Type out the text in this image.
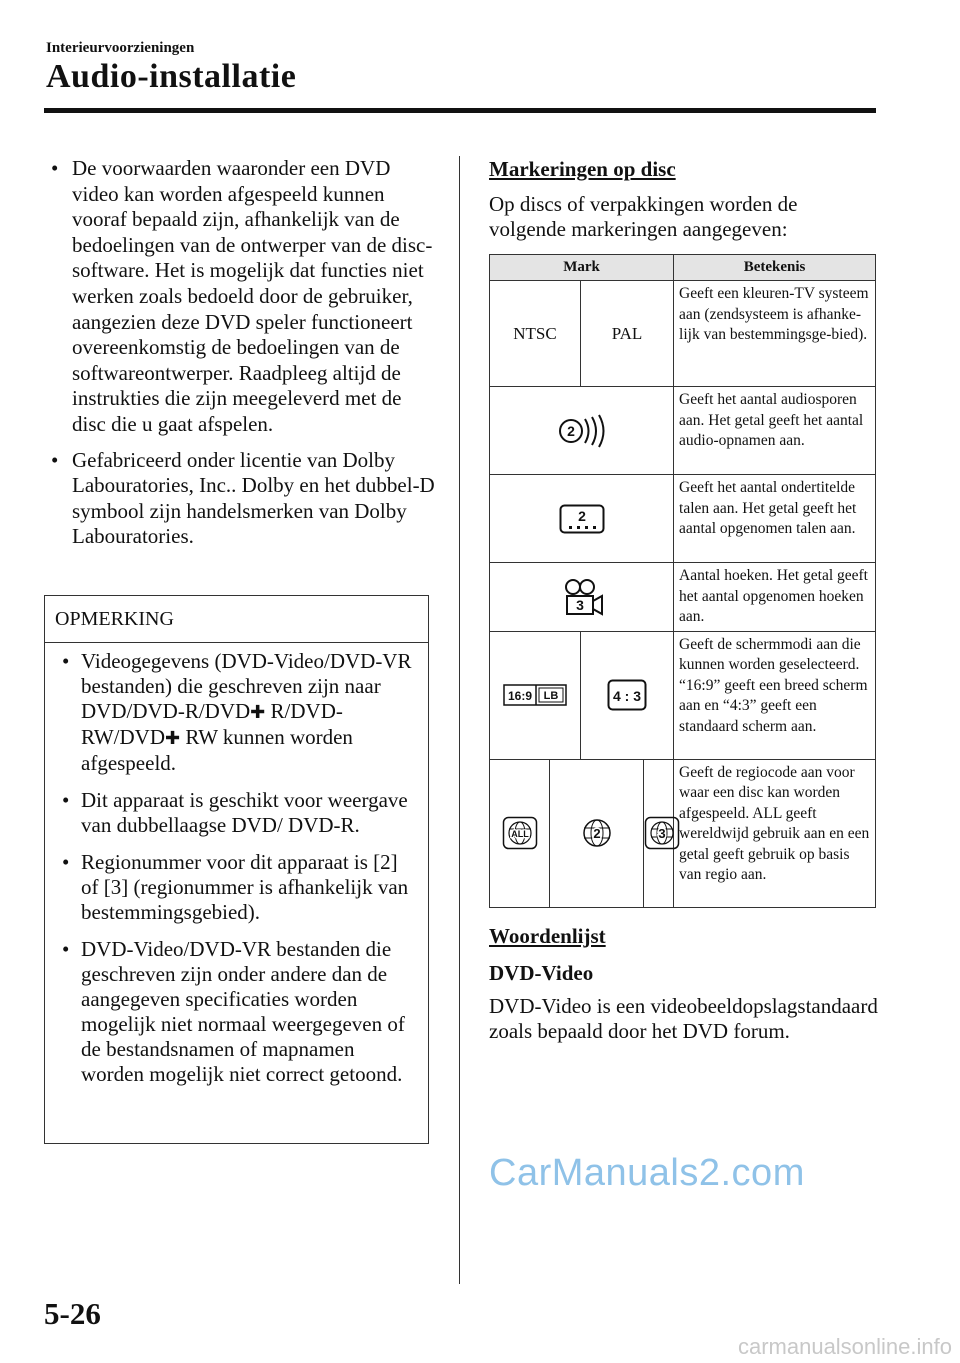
Interieurvoorzieningen
Audio-installatie
• De voorwaarden waaronder een DVD video kan worden afgespeeld kunnen vooraf bepaald zijn, afhankelijk van de bedoelingen van de ontwerper van de disc-software. Het is mogelijk dat functies niet werken zoals bedoeld door de gebruiker, aangezien deze DVD speler functioneert overeenkomstig de bedoelingen van de softwareontwerper. Raadpleeg altijd de instrukties die zijn meegeleverd met de disc die u gaat afspelen.
• Gefabriceerd onder licentie van Dolby Labouratories, Inc.. Dolby en het dubbel-D symbool zijn handelsmerken van Dolby Labouratories.
OPMERKING
• Videogegevens (DVD-Video/DVD-VR bestanden) die geschreven zijn naar DVD/DVD-R/DVD✚ R/DVD-RW/DVD✚ RW kunnen worden afgespeeld.
• Dit apparaat is geschikt voor weergave van dubbellaagse DVD/ DVD-R.
• Regionummer voor dit apparaat is [2] of [3] (regionummer is afhankelijk van bestemmingsgebied).
• DVD-Video/DVD-VR bestanden die geschreven zijn onder andere dan de aangegeven specificaties worden mogelijk niet normaal weergegeven of de bestandsnamen of mapnamen worden mogelijk niet correct getoond.
Markeringen op disc
Op discs of verpakkingen worden de volgende markeringen aangegeven:
Mark				Betekenis
NTSC		PAL		Geeft een kleuren-TV systeem aan (zendsysteem is afhanke-lijk van bestemmingsge-bied).

2				Geeft het aantal audiosporen aan. Het getal geeft het aantal audio-opnamen aan.

2				Geeft het aantal ondertitelde talen aan. Het getal geeft het aantal opgenomen talen aan.

3				Aantal hoeken. Het getal geeft het aantal opgenomen hoeken aan.

16:9 LB		4 : 3		Geeft de schermmodi aan die kunnen worden geselecteerd. “16:9” geeft een breed scherm aan en “4:3” geeft een standaard scherm aan.

ALL	2		3	Geeft de regiocode aan voor waar een disc kan worden afgespeeld. ALL geeft wereldwijd gebruik aan en een getal geeft gebruik op basis van regio aan.
Woordenlijst
DVD-Video
DVD-Video is een videobeeldopslagstandaard zoals bepaald door het DVD forum.
CarManuals2.com
5-26
carmanualsonline.info
